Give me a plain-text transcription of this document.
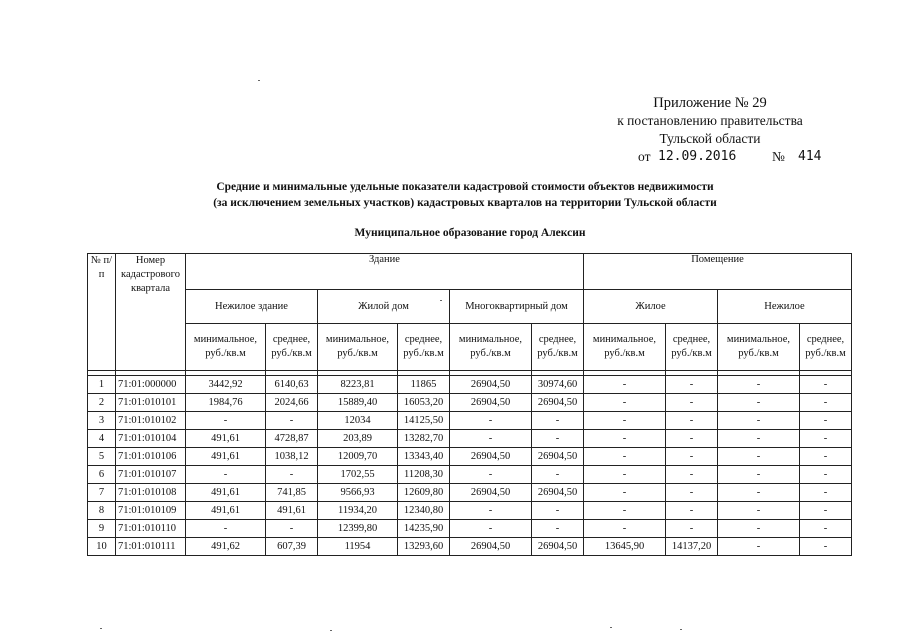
Приложение № 29
к постановлению правительства
Тульской области
от 12.09.2016	№ 414
Средние и минимальные удельные показатели кадастровой стоимости объектов недвижимости
(за исключением земельных участков) кадастровых кварталов на территории Тульской области
Муниципальное образование город Алексин
№ п/п	Номер кадастрового квартала	Здание						Помещение			
		Нежилое здание		Жилой дом		Многоквартирный дом		Жилое		Нежилое	
		минимальное, руб./кв.м	среднее, руб./кв.м	минимальное, руб./кв.м	среднее, руб./кв.м	минимальное, руб./кв.м	среднее, руб./кв.м	минимальное, руб./кв.м	среднее, руб./кв.м	минимальное, руб./кв.м	среднее, руб./кв.м

1	71:01:000000	3442,92	6140,63	8223,81	11865	26904,50	30974,60	-	-	-	-
2	71:01:010101	1984,76	2024,66	15889,40	16053,20	26904,50	26904,50	-	-	-	-
3	71:01:010102	-	-	12034	14125,50	-	-	-	-	-	-
4	71:01:010104	491,61	4728,87	203,89	13282,70	-	-	-	-	-	-
5	71:01:010106	491,61	1038,12	12009,70	13343,40	26904,50	26904,50	-	-	-	-
6	71:01:010107	-	-	1702,55	11208,30	-	-	-	-	-	-
7	71:01:010108	491,61	741,85	9566,93	12609,80	26904,50	26904,50	-	-	-	-
8	71:01:010109	491,61	491,61	11934,20	12340,80	-	-	-	-	-	-
9	71:01:010110	-	-	12399,80	14235,90	-	-	-	-	-	-
10	71:01:010111	491,62	607,39	11954	13293,60	26904,50	26904,50	13645,90	14137,20	-	-
